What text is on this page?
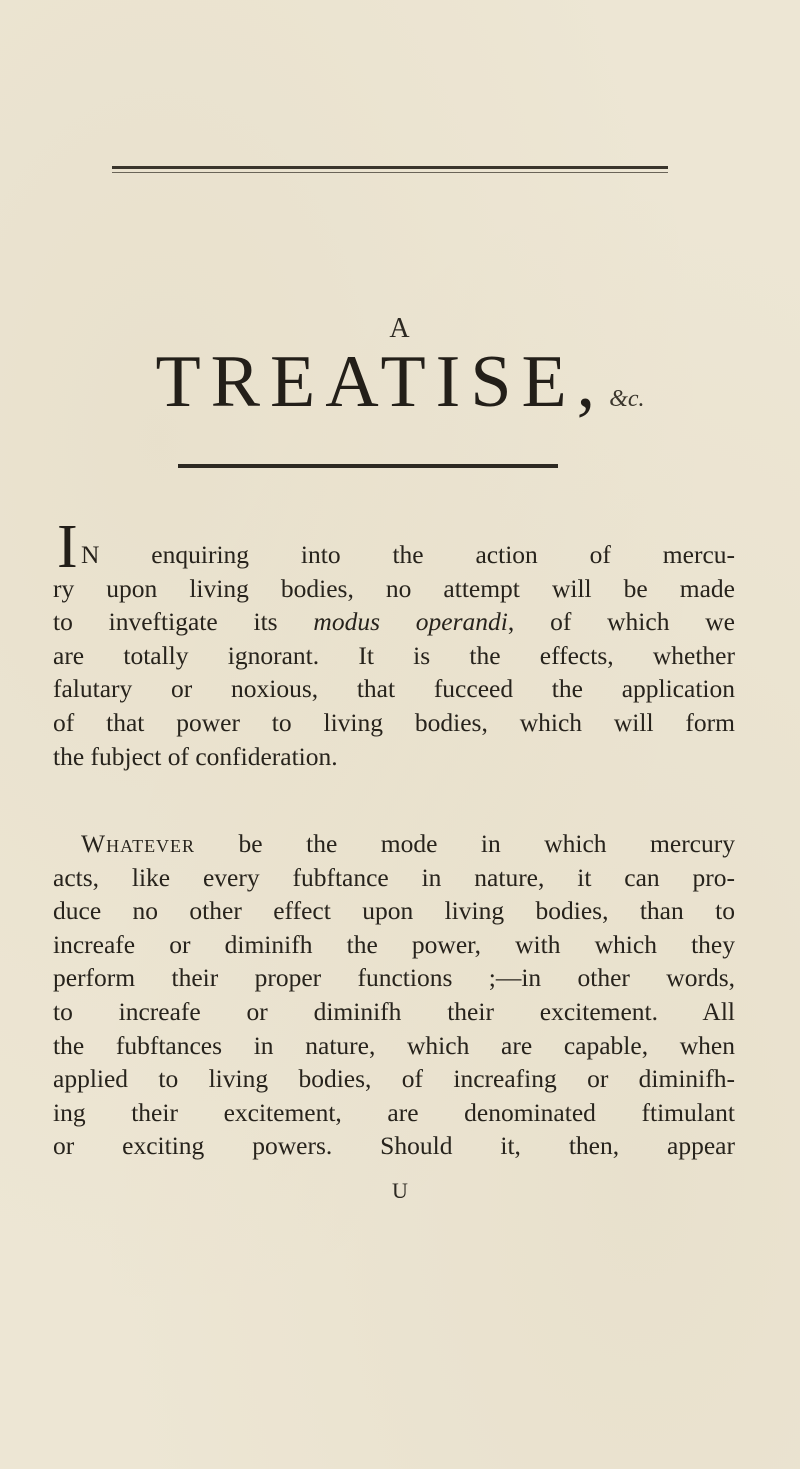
A
TREATISE, &c.
I N enquiring into the action of mercu-
ry upon living bodies, no attempt will be made
to inveftigate its modus operandi, of which we
are totally ignorant. It is the effects, whether
falutary or noxious, that fucceed the application
of that power to living bodies, which will form
the fubject of confideration.
Whatever be the mode in which mercury
acts, like every fubftance in nature, it can pro-
duce no other effect upon living bodies, than to
increafe or diminifh the power, with which they
perform their proper functions ;—in other words,
to increafe or diminifh their excitement. All
the fubftances in nature, which are capable, when
applied to living bodies, of increafing or diminifh-
ing their excitement, are denominated ftimulant
or exciting powers. Should it, then, appear
U
